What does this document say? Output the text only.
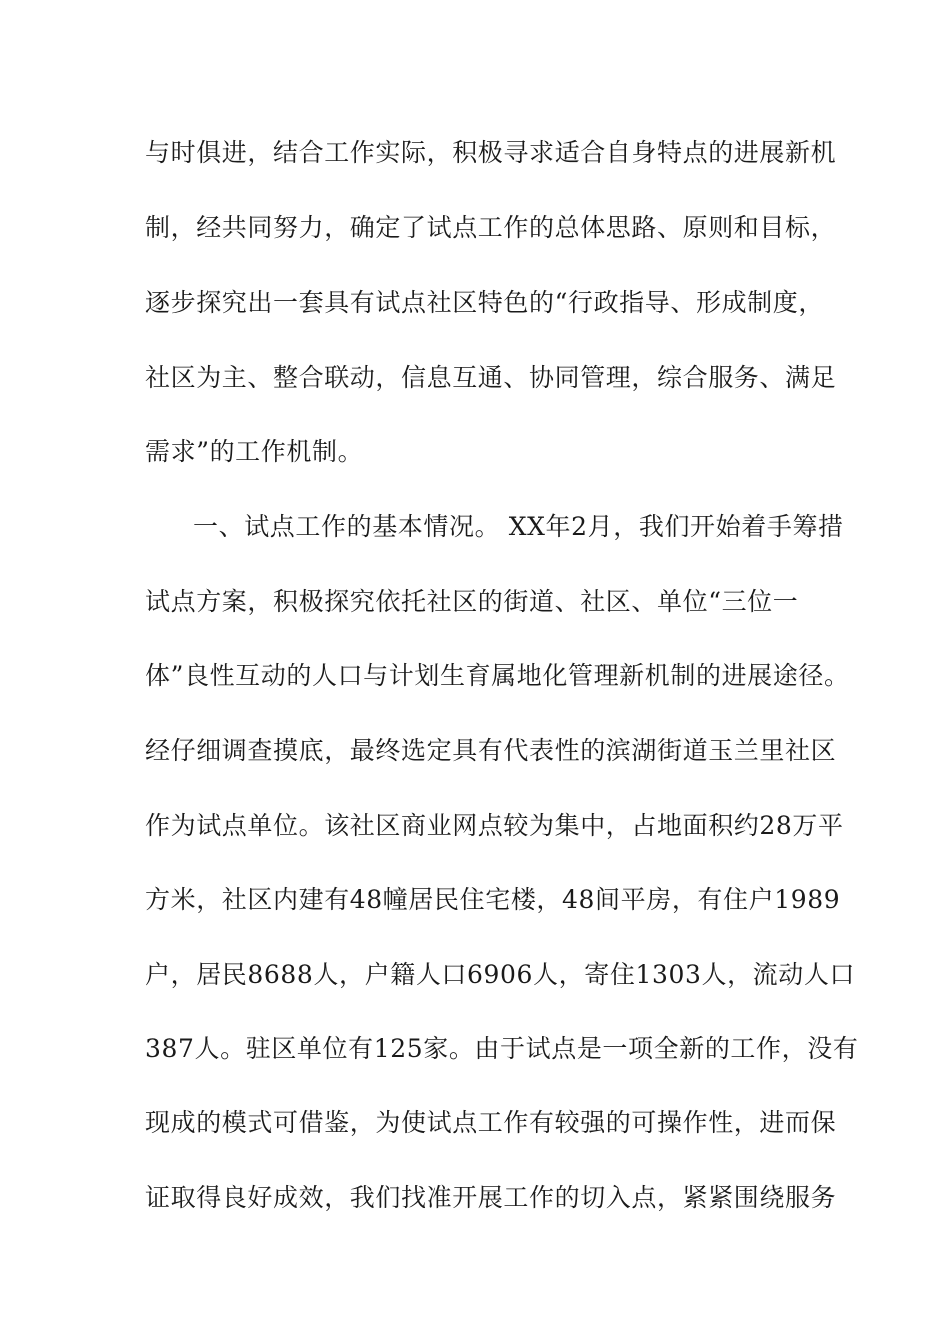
与时俱进，结合工作实际，积极寻求适合自身特点的进展新机
制，经共同努力，确定了试点工作的总体思路、原则和目标，
逐步探究出一套具有试点社区特色的“行政指导、形成制度，
社区为主、整合联动，信息互通、协同管理，综合服务、满足
需求”的工作机制。
一、试点工作的基本情况。 XX年2月，我们开始着手筹措
试点方案，积极探究依托社区的街道、社区、单位“三位一
体”良性互动的人口与计划生育属地化管理新机制的进展途径。
经仔细调查摸底，最终选定具有代表性的滨湖街道玉兰里社区
作为试点单位。该社区商业网点较为集中，占地面积约28万平
方米，社区内建有48幢居民住宅楼，48间平房，有住户1989
户，居民8688人，户籍人口6906人，寄住1303人，流动人口
387人。驻区单位有125家。由于试点是一项全新的工作，没有
现成的模式可借鉴，为使试点工作有较强的可操作性，进而保
证取得良好成效，我们找准开展工作的切入点，紧紧围绕服务
